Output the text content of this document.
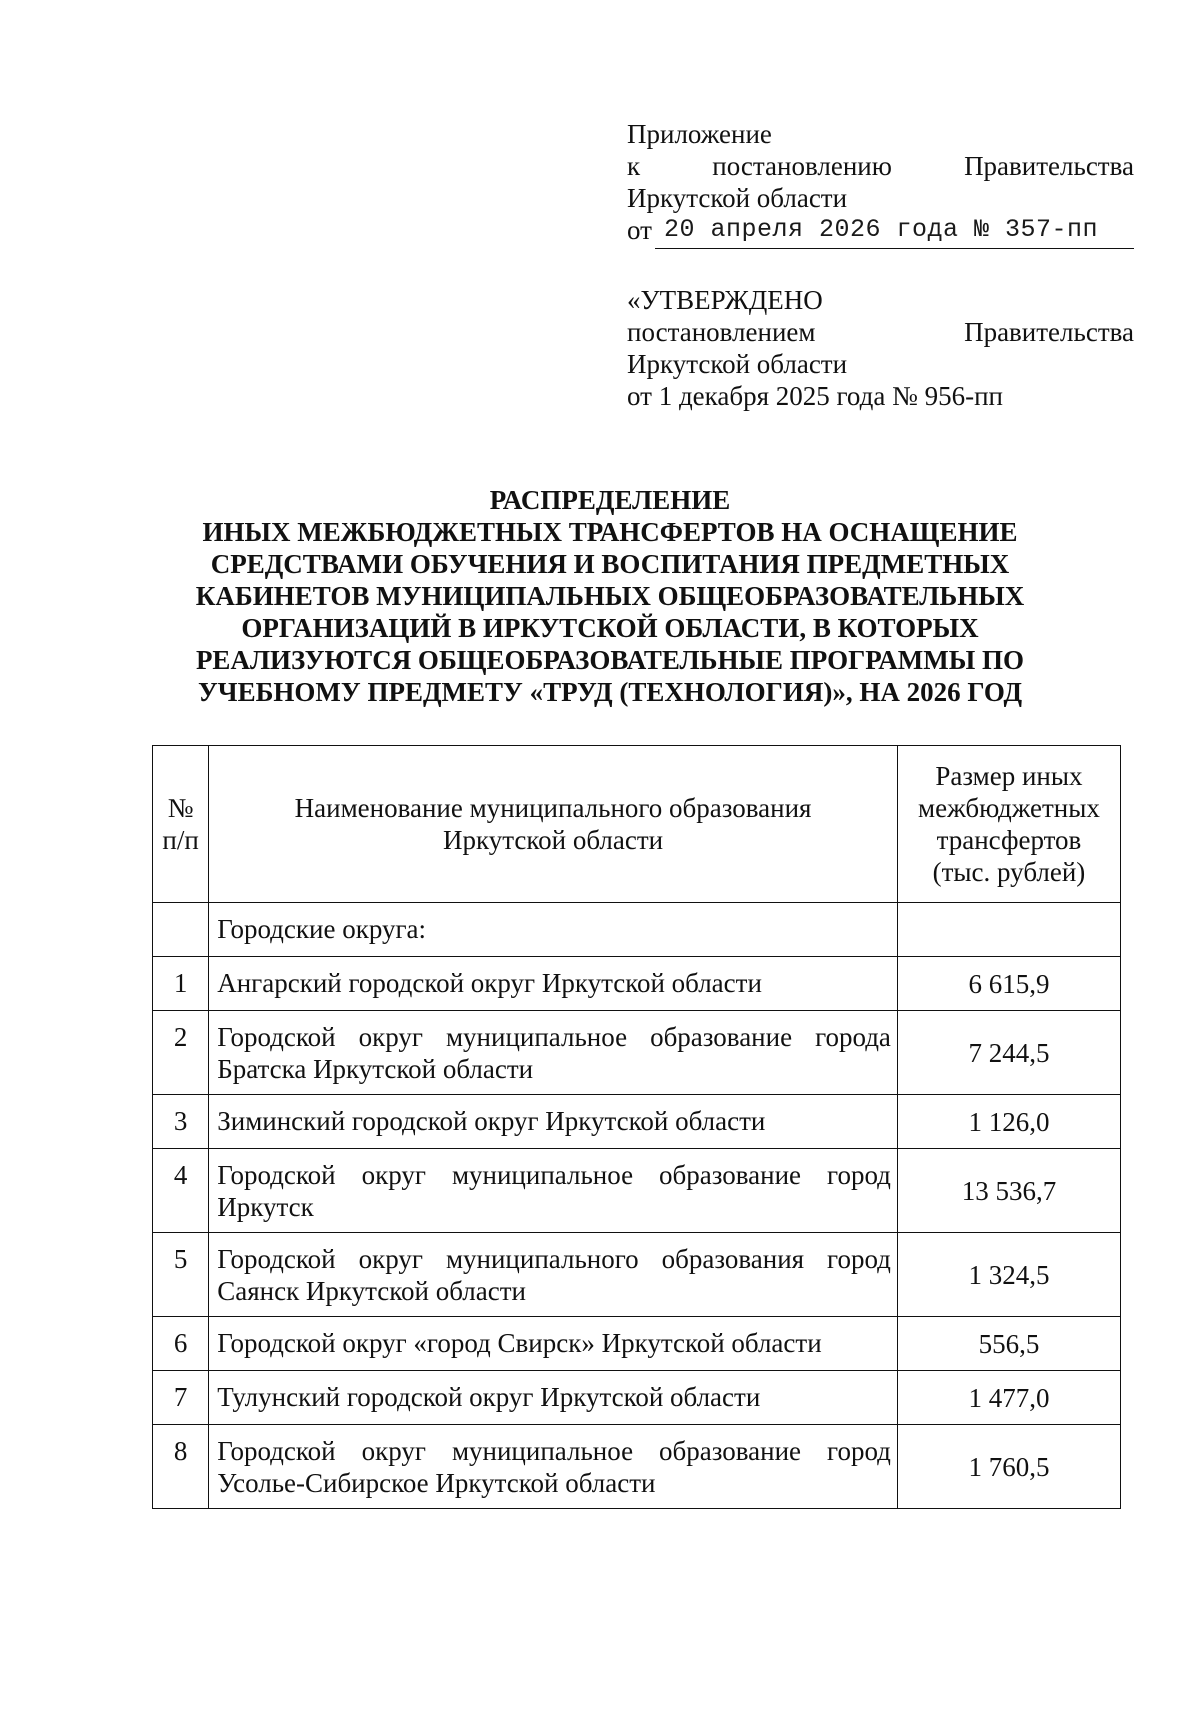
Приложение
к	постановлению	Правительства
Иркутской области
от 20 апреля 2026 года № 357-пп
«УТВЕРЖДЕНО
постановлением	Правительства
Иркутской области
от 1 декабря 2025 года № 956-пп
РАСПРЕДЕЛЕНИЕ
ИНЫХ МЕЖБЮДЖЕТНЫХ ТРАНСФЕРТОВ НА ОСНАЩЕНИЕ
СРЕДСТВАМИ ОБУЧЕНИЯ И ВОСПИТАНИЯ ПРЕДМЕТНЫХ
КАБИНЕТОВ МУНИЦИПАЛЬНЫХ ОБЩЕОБРАЗОВАТЕЛЬНЫХ
ОРГАНИЗАЦИЙ В ИРКУТСКОЙ ОБЛАСТИ, В КОТОРЫХ
РЕАЛИЗУЮТСЯ ОБЩЕОБРАЗОВАТЕЛЬНЫЕ ПРОГРАММЫ ПО
УЧЕБНОМУ ПРЕДМЕТУ «ТРУД (ТЕХНОЛОГИЯ)», НА 2026 ГОД
№ п/п	Наименование муниципального образования Иркутской области	Размер иных межбюджетных трансфертов (тыс. рублей)
	Городские округа:	
1	Ангарский городской округ Иркутской области	6 615,9
2	Городской округ муниципальное образование города Братска Иркутской области	7 244,5
3	Зиминский городской округ Иркутской области	1 126,0
4	Городской округ муниципальное образование город Иркутск	13 536,7
5	Городской округ муниципального образования город Саянск Иркутской области	1 324,5
6	Городской округ «город Свирск» Иркутской области	556,5
7	Тулунский городской округ Иркутской области	1 477,0
8	Городской округ муниципальное образование город Усолье-Сибирское Иркутской области	1 760,5
